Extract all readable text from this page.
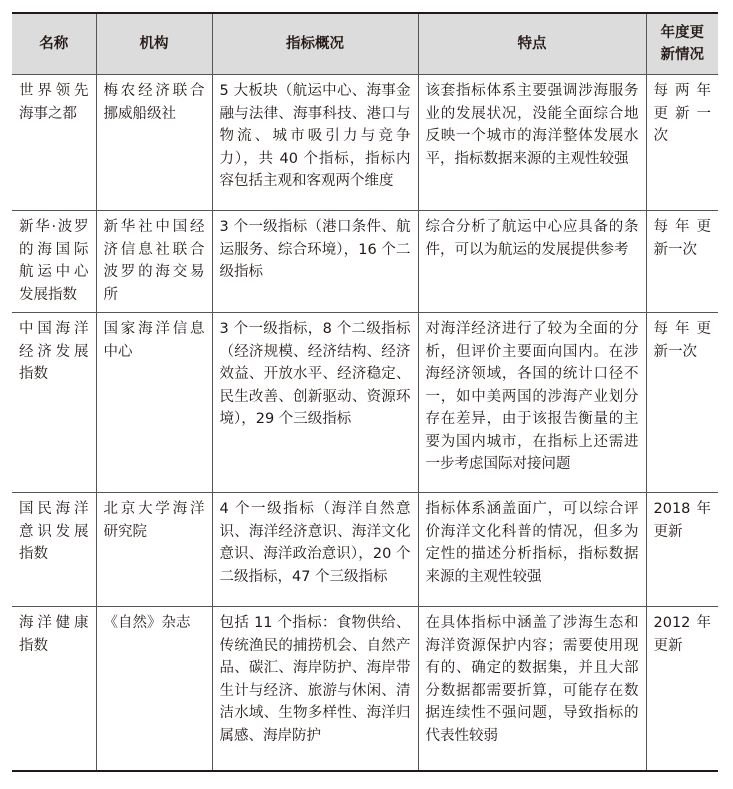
名称	机构	指标概况	特点	年度更新情况
世界领先海事之都	梅农经济联合挪威船级社	5 大板块（航运中心、海事金融与法律、海事科技、港口与物流、城市吸引力与竞争力），共 40 个指标，指标内容包括主观和客观两个维度	该套指标体系主要强调涉海服务业的发展状况，没能全面综合地反映一个城市的海洋整体发展水平，指标数据来源的主观性较强	每两年更新一次
新华·波罗的海国际航运中心发展指数	新华社中国经济信息社联合波罗的海交易所	3 个一级指标（港口条件、航运服务、综合环境），16 个二级指标	综合分析了航运中心应具备的条件，可以为航运的发展提供参考	每年更新一次
中国海洋经济发展指数	国家海洋信息中心	3 个一级指标，8 个二级指标（经济规模、经济结构、经济效益、开放水平、经济稳定、民生改善、创新驱动、资源环境），29 个三级指标	对海洋经济进行了较为全面的分析，但评价主要面向国内。在涉海经济领域，各国的统计口径不一，如中美两国的涉海产业划分存在差异，由于该报告衡量的主要为国内城市，在指标上还需进一步考虑国际对接问题	每年更新一次
国民海洋意识发展指数	北京大学海洋研究院	4 个一级指标（海洋自然意识、海洋经济意识、海洋文化意识、海洋政治意识），20 个二级指标，47 个三级指标	指标体系涵盖面广，可以综合评价海洋文化科普的情况，但多为定性的描述分析指标，指标数据来源的主观性较强	2018 年更新
海洋健康指数	《自然》杂志	包括 11 个指标：食物供给、传统渔民的捕捞机会、自然产品、碳汇、海岸防护、海岸带生计与经济、旅游与休闲、清洁水域、生物多样性、海洋归属感、海岸防护	在具体指标中涵盖了涉海生态和海洋资源保护内容；需要使用现有的、确定的数据集，并且大部分数据都需要折算，可能存在数据连续性不强问题，导致指标的代表性较弱	2012 年更新
